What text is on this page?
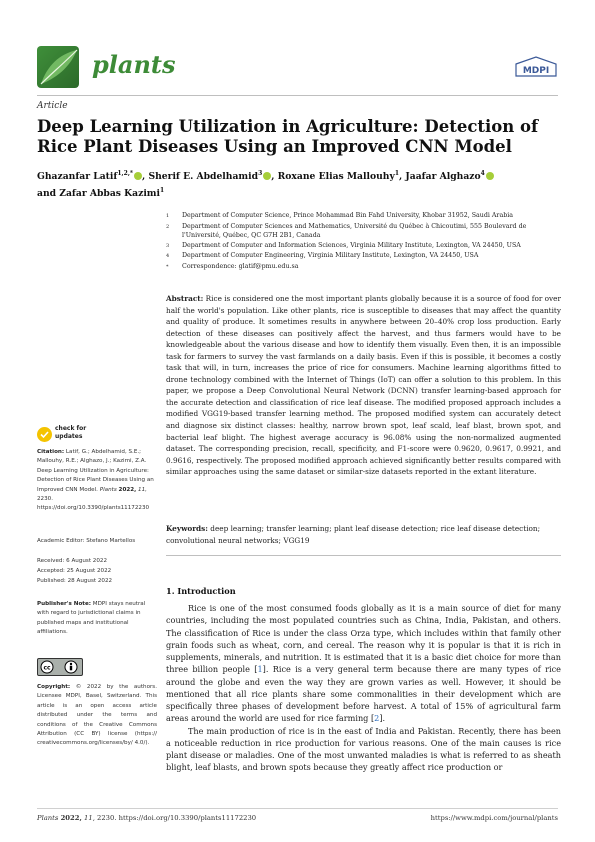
plants	MDPI
Article
Deep Learning Utilization in Agriculture: Detection of Rice Plant Diseases Using an Improved CNN Model
Ghazanfar Latif$^{1,2,*}$ , Sherif E. Abdelhamid$^3$ , Roxane Elias Mallouhy$^1$, Jaafar Alghazo$^4$
and Zafar Abbas Kazimi$^1$
1	Department of Computer Science, Prince Mohammad Bin Fahd University, Khobar 31952, Saudi Arabia
2	Department of Computer Sciences and Mathematics, Université du Québec à Chicoutimi, 555 Boulevard de l'Université, Québec, QC G7H 2B1, Canada
3	Department of Computer and Information Sciences, Virginia Military Institute, Lexington, VA 24450, USA
4	Department of Computer Engineering, Virginia Military Institute, Lexington, VA 24450, USA
*	Correspondence: glatif@pmu.edu.sa
Abstract: Rice is considered one the most important plants globally because it is a source of food for over half the world's population. Like other plants, rice is susceptible to diseases that may affect the quantity and quality of produce. It sometimes results in anywhere between 20–40% crop loss production. Early detection of these diseases can positively affect the harvest, and thus farmers would have to be knowledgeable about the various disease and how to identify them visually. Even then, it is an impossible task for farmers to survey the vast farmlands on a daily basis. Even if this is possible, it becomes a costly task that will, in turn, increases the price of rice for consumers. Machine learning algorithms fitted to drone technology combined with the Internet of Things (IoT) can offer a solution to this problem. In this paper, we propose a Deep Convolutional Neural Network (DCNN) transfer learning-based approach for the accurate detection and classification of rice leaf disease. The modified proposed approach includes a modified VGG19-based transfer learning method. The proposed modified system can accurately detect and diagnose six distinct classes: healthy, narrow brown spot, leaf scald, leaf blast, brown spot, and bacterial leaf blight. The highest average accuracy is 96.08% using the non-normalized augmented dataset. The corresponding precision, recall, specificity, and F1-score were 0.9620, 0.9617, 0.9921, and 0.9616, respectively. The proposed modified approach achieved significantly better results compared with similar approaches using the same dataset or similar-size datasets reported in the extant literature.
Keywords: deep learning; transfer learning; plant leaf disease detection; rice leaf disease detection; convolutional neural networks; VGG19
check for
updates
Citation: Latif, G.; Abdelhamid, S.E.; Mallouhy, R.E.; Alghazo, J.; Kazimi, Z.A. Deep Learning Utilization in Agriculture: Detection of Rice Plant Diseases Using an Improved CNN Model. Plants 2022, 11, 2230. https://doi.org/10.3390/plants11172230
Academic Editor: Stefano Martellos
Received: 6 August 2022
Accepted: 25 August 2022
Published: 28 August 2022
Publisher's Note: MDPI stays neutral with regard to jurisdictional claims in published maps and institutional affiliations.
cc
Copyright: © 2022 by the authors. Licensee MDPI, Basel, Switzerland. This article is an open access article distributed under the terms and conditions of the Creative Commons Attribution (CC BY) license (https:// creativecommons.org/licenses/by/ 4.0/).
1. Introduction

Rice is one of the most consumed foods globally as it is a main source of diet for many countries, including the most populated countries such as China, India, Pakistan, and others. The classification of Rice is under the class Orza type, which includes within that family other grain foods such as wheat, corn, and cereal. The reason why it is popular is that it is rich in supplements, minerals, and nutrition. It is estimated that it is a basic diet choice for more than three billion people [1]. Rice is a very general term because there are many types of rice around the globe and even the way they are grown varies as well. However, it should be mentioned that all rice plants share some commonalities in their development which are specifically three phases of development before harvest. A total of 15% of agricultural farm areas around the world are used for rice farming [2].

The main production of rice is in the east of India and Pakistan. Recently, there has been a noticeable reduction in rice production for various reasons. One of the main causes is rice plant disease or maladies. One of the most unwanted maladies is what is referred to as sheath blight, leaf blasts, and brown spots because they greatly affect rice production or

Plants 2022, 11, 2230. https://doi.org/10.3390/plants11172230	https://www.mdpi.com/journal/plants
